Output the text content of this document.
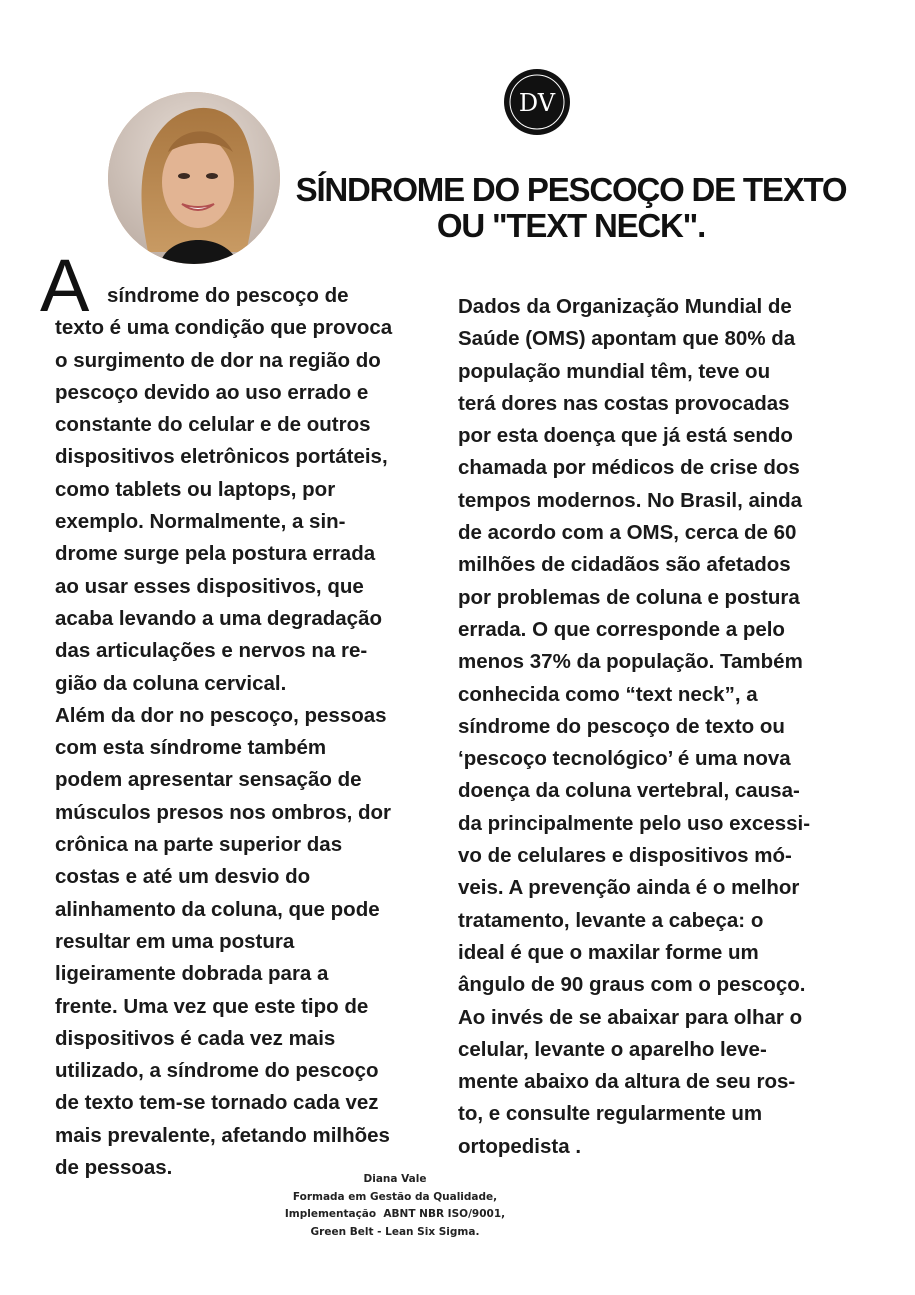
DV
SÍNDROME DO PESCOÇO DE TEXTO
OU "TEXT NECK".
A síndrome do pescoço de
texto é uma condição que provoca
o surgimento de dor na região do
pescoço devido ao uso errado e
constante do celular e de outros
dispositivos eletrônicos portáteis,
como tablets ou laptops, por
exemplo. Normalmente, a sin-
drome surge pela postura errada
ao usar esses dispositivos, que
acaba levando a uma degradação
das articulações e nervos na re-
gião da coluna cervical.
Além da dor no pescoço, pessoas
com esta síndrome também
podem apresentar sensação de
músculos presos nos ombros, dor
crônica na parte superior das
costas e até um desvio do
alinhamento da coluna, que pode
resultar em uma postura
ligeiramente dobrada para a
frente. Uma vez que este tipo de
dispositivos é cada vez mais
utilizado, a síndrome do pescoço
de texto tem-se tornado cada vez
mais prevalente, afetando milhões
de pessoas.
Dados da Organização Mundial de
Saúde (OMS) apontam que 80% da
população mundial têm, teve ou
terá dores nas costas provocadas
por esta doença que já está sendo
chamada por médicos de crise dos
tempos modernos. No Brasil, ainda
de acordo com a OMS, cerca de 60
milhões de cidadãos são afetados
por problemas de coluna e postura
errada. O que corresponde a pelo
menos 37% da população. Também
conhecida como “text neck”, a
síndrome do pescoço de texto ou
‘pescoço tecnológico’ é uma nova
doença da coluna vertebral, causa-
da principalmente pelo uso excessi-
vo de celulares e dispositivos mó-
veis. A prevenção ainda é o melhor
tratamento, levante a cabeça: o
ideal é que o maxilar forme um
ângulo de 90 graus com o pescoço.
Ao invés de se abaixar para olhar o
celular, levante o aparelho leve-
mente abaixo da altura de seu ros-
to, e consulte regularmente um
ortopedista .
Diana Vale
Formada em Gestão da Qualidade,
Implementação  ABNT NBR ISO/9001,
Green Belt - Lean Six Sigma.
